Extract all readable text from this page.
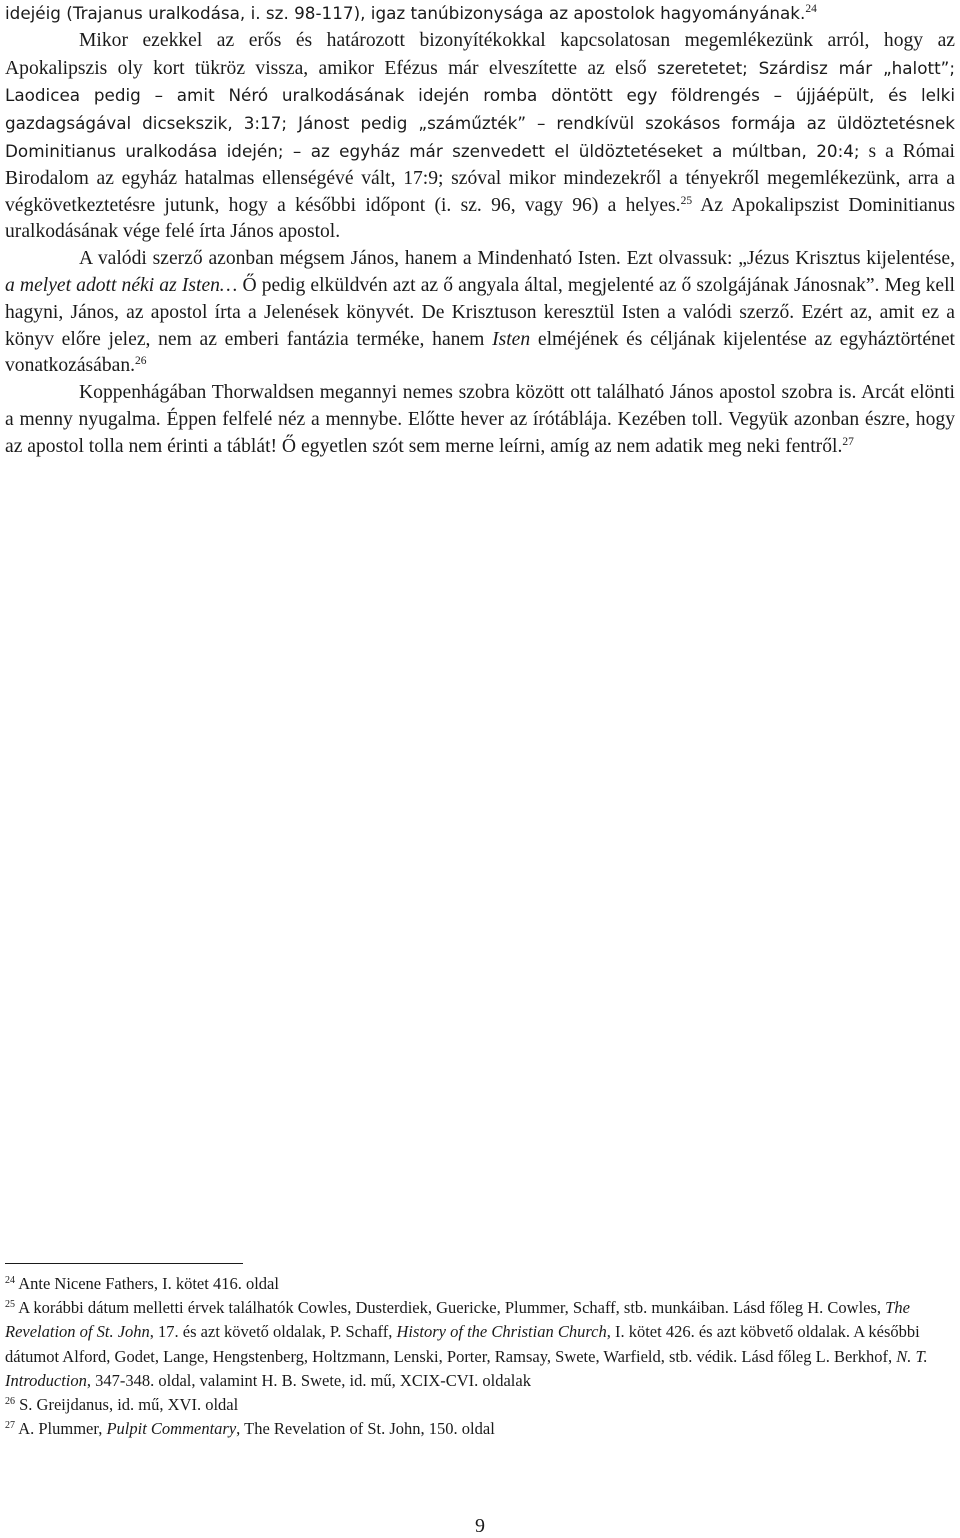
idejéig (Trajanus uralkodása, i. sz. 98-117), igaz tanúbizonysága az apostolok hagyományának.$^{24}$

Mikor ezekkel az erős és határozott bizonyítékokkal kapcsolatosan megemlékezünk arról, hogy az Apokalipszis oly kort tükröz vissza, amikor Efézus már elveszítette az első szeretetet; Szárdisz már „halott”; Laodicea pedig – amit Néró uralkodásának idején romba döntött egy földrengés – újjáépült, és lelki gazdagságával dicsekszik, 3:17; Jánost pedig „száműzték” – rendkívül szokásos formája az üldöztetésnek Dominitianus uralkodása idején; – az egyház már szenvedett el üldöztetéseket a múltban, 20:4; s a Római Birodalom az egyház hatalmas ellenségévé vált, 17:9; szóval mikor mindezekről a tényekről megemlékezünk, arra a végkövetkeztetésre jutunk, hogy a későbbi időpont (i. sz. 96, vagy 96) a helyes.$^{25}$ Az Apokalipszist Dominitianus uralkodásának vége felé írta János apostol.

A valódi szerző azonban mégsem János, hanem a Mindenható Isten. Ezt olvassuk: „Jézus Krisztus kijelentése, a melyet adott néki az Isten… Ő pedig elküldvén azt az ő angyala által, megjelenté az ő szolgájának Jánosnak”. Meg kell hagyni, János, az apostol írta a Jelenések könyvét. De Krisztuson keresztül Isten a valódi szerző. Ezért az, amit ez a könyv előre jelez, nem az emberi fantázia terméke, hanem Isten elméjének és céljának kijelentése az egyháztörténet vonatkozásában.$^{26}$

Koppenhágában Thorwaldsen megannyi nemes szobra között ott található János apostol szobra is. Arcát elönti a menny nyugalma. Éppen felfelé néz a mennybe. Előtte hever az írótáblája. Kezében toll. Vegyük azonban észre, hogy az apostol tolla nem érinti a táblát! Ő egyetlen szót sem merne leírni, amíg az nem adatik meg neki fentről.$^{27}$

$^{24}$ Ante Nicene Fathers, I. kötet 416. oldal

$^{25}$ A korábbi dátum melletti érvek találhatók Cowles, Dusterdiek, Guericke, Plummer, Schaff, stb. munkáiban. Lásd főleg H. Cowles, The Revelation of St. John, 17. és azt követő oldalak, P. Schaff, History of the Christian Church, I. kötet 426. és azt köbvető oldalak. A későbbi dátumot Alford, Godet, Lange, Hengstenberg, Holtzmann, Lenski, Porter, Ramsay, Swete, Warfield, stb. védik. Lásd főleg L. Berkhof, N. T. Introduction, 347-348. oldal, valamint H. B. Swete, id. mű, XCIX-CVI. oldalak

$^{26}$ S. Greijdanus, id. mű, XVI. oldal

$^{27}$ A. Plummer, Pulpit Commentary, The Revelation of St. John, 150. oldal

9
